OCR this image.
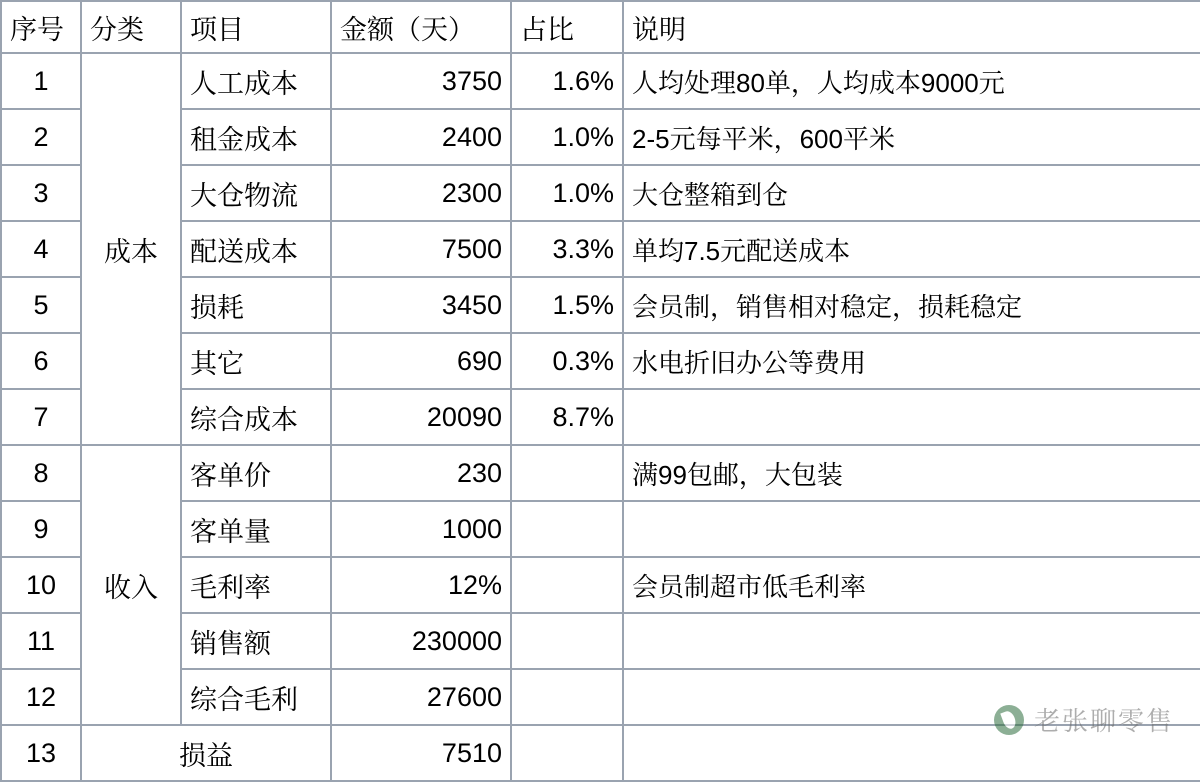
序号	分类	项目	金额（天）	占比	说明
1	成本	人工成本	3750	1.6%	人均处理80单，人均成本9000元
2		租金成本	2400	1.0%	2-5元每平米，600平米
3		大仓物流	2300	1.0%	大仓整箱到仓
4		配送成本	7500	3.3%	单均7.5元配送成本
5		损耗	3450	1.5%	会员制，销售相对稳定，损耗稳定
6		其它	690	0.3%	水电折旧办公等费用
7		综合成本	20090	8.7%	
8	收入	客单价	230		满99包邮，大包装
9		客单量	1000		
10		毛利率	12%		会员制超市低毛利率
11		销售额	230000		
12		综合毛利	27600		
13	损益		7510		
老张聊零售
